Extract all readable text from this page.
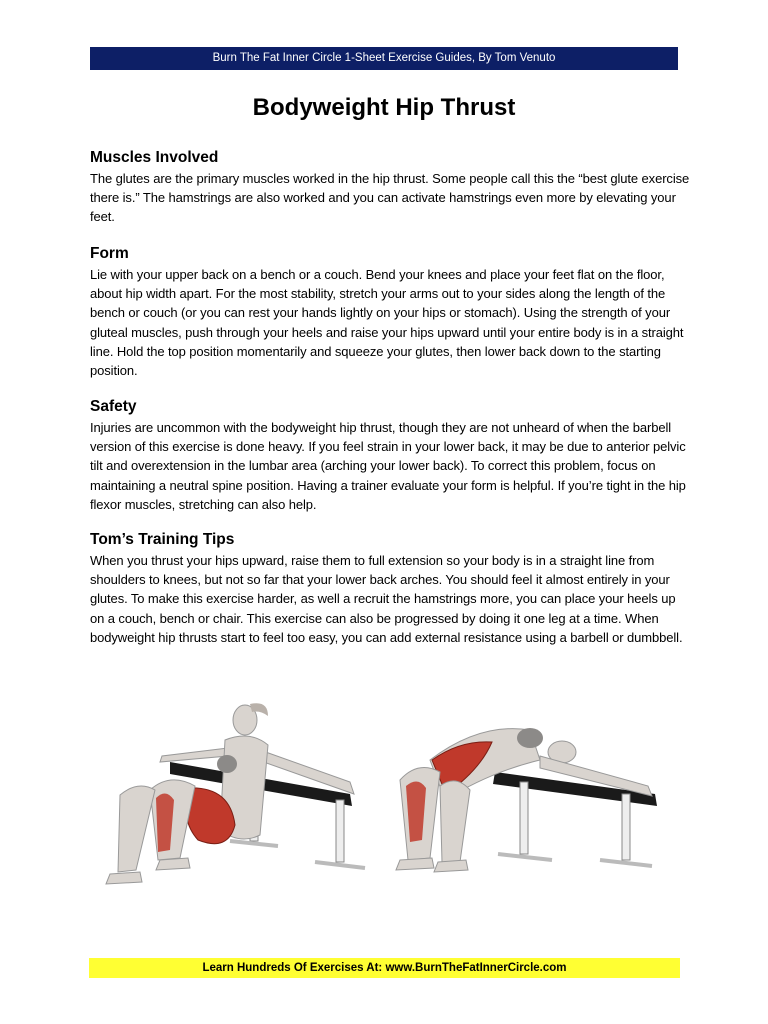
Burn The Fat Inner Circle 1-Sheet Exercise Guides, By Tom Venuto
Bodyweight Hip Thrust
Muscles Involved

The glutes are the primary muscles worked in the hip thrust. Some people call this the “best glute exercise there is.” The hamstrings are also worked and you can activate hamstrings even more by elevating your feet.

Form

Lie with your upper back on a bench or a couch. Bend your knees and place your feet flat on the floor, about hip width apart. For the most stability, stretch your arms out to your sides along the length of the bench or couch (or you can rest your hands lightly on your hips or stomach). Using the strength of your gluteal muscles, push through your heels and raise your hips upward until your entire body is in a straight line. Hold the top position momentarily and squeeze your glutes, then lower back down to the starting position.

Safety

Injuries are uncommon with the bodyweight hip thrust, though they are not unheard of when the barbell version of this exercise is done heavy. If you feel strain in your lower back, it may be due to anterior pelvic tilt and overextension in the lumbar area (arching your lower back). To correct this problem, focus on maintaining a neutral spine position. Having a trainer evaluate your form is helpful. If you’re tight in the hip flexor muscles, stretching can also help.

Tom’s Training Tips

When you thrust your hips upward, raise them to full extension so your body is in a straight line from shoulders to knees, but not so far that your lower back arches. You should feel it almost entirely in your glutes. To make this exercise harder, as well a recruit the hamstrings more, you can place your heels up on a couch, bench or chair. This exercise can also be progressed by doing it one leg at a time. When bodyweight hip thrusts start to feel too easy, you can add external resistance using a barbell or dumbbell.

Learn Hundreds Of Exercises At: www.BurnTheFatInnerCircle.com
